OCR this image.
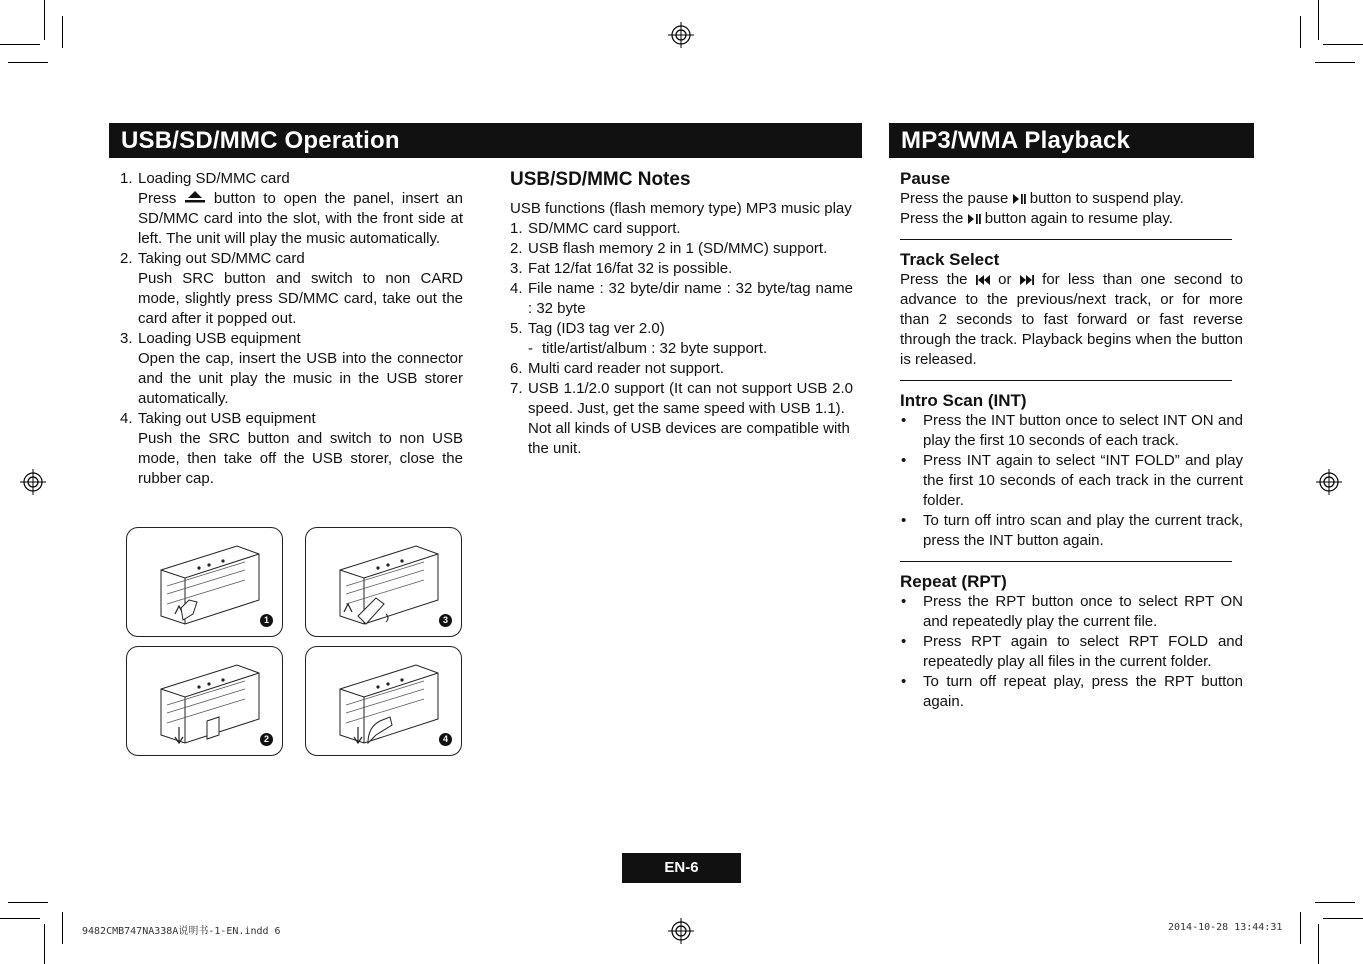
USB/SD/MMC Operation	MP3/WMA Playback
1. Loading SD/MMC card
Press	button to open the panel, insert an SD/MMC card into the slot, with the front side at left. The unit will play the music automatically.
2. Taking out SD/MMC card
Push SRC button and switch to non CARD mode, slightly press SD/MMC card, take out the card after it popped out.
3. Loading USB equipment
Open the cap, insert the USB into the connector and the unit play the music in the USB storer automatically.
4. Taking out USB equipment
Push the SRC button and switch to non USB mode, then take off the USB storer, close the rubber cap.
1	3
2	4
USB/SD/MMC Notes
USB functions (flash memory type) MP3 music play
1. SD/MMC card support.
2. USB flash memory 2 in 1 (SD/MMC) support.
3. Fat 12/fat 16/fat 32 is possible.
4. File name : 32 byte/dir name : 32 byte/tag name : 32 byte
5. Tag (ID3 tag ver 2.0)
- title/artist/album : 32 byte support.
6. Multi card reader not support.
7. USB 1.1/2.0 support (It can not support USB 2.0 speed. Just, get the same speed with USB 1.1).
Not all kinds of USB devices are compatible with the unit.
Pause
Press the pause button to suspend play.
Press the button again to resume play.
Track Select
Press the or for less than one second to advance to the previous/next track, or for more than 2 seconds to fast forward or fast reverse through the track. Playback begins when the button is released.
Intro Scan (INT)
• Press the INT button once to select INT ON and play the first 10 seconds of each track.
• Press INT again to select “INT FOLD” and play the first 10 seconds of each track in the current folder.
• To turn off intro scan and play the current track, press the INT button again.
Repeat (RPT)
• Press the RPT button once to select RPT ON and repeatedly play the current file.
• Press RPT again to select RPT FOLD and repeatedly play all files in the current folder.
• To turn off repeat play, press the RPT button again.
EN-6
9482CMB747NA338A说明书-1-EN.indd 6	2014-10-28 13:44:31
